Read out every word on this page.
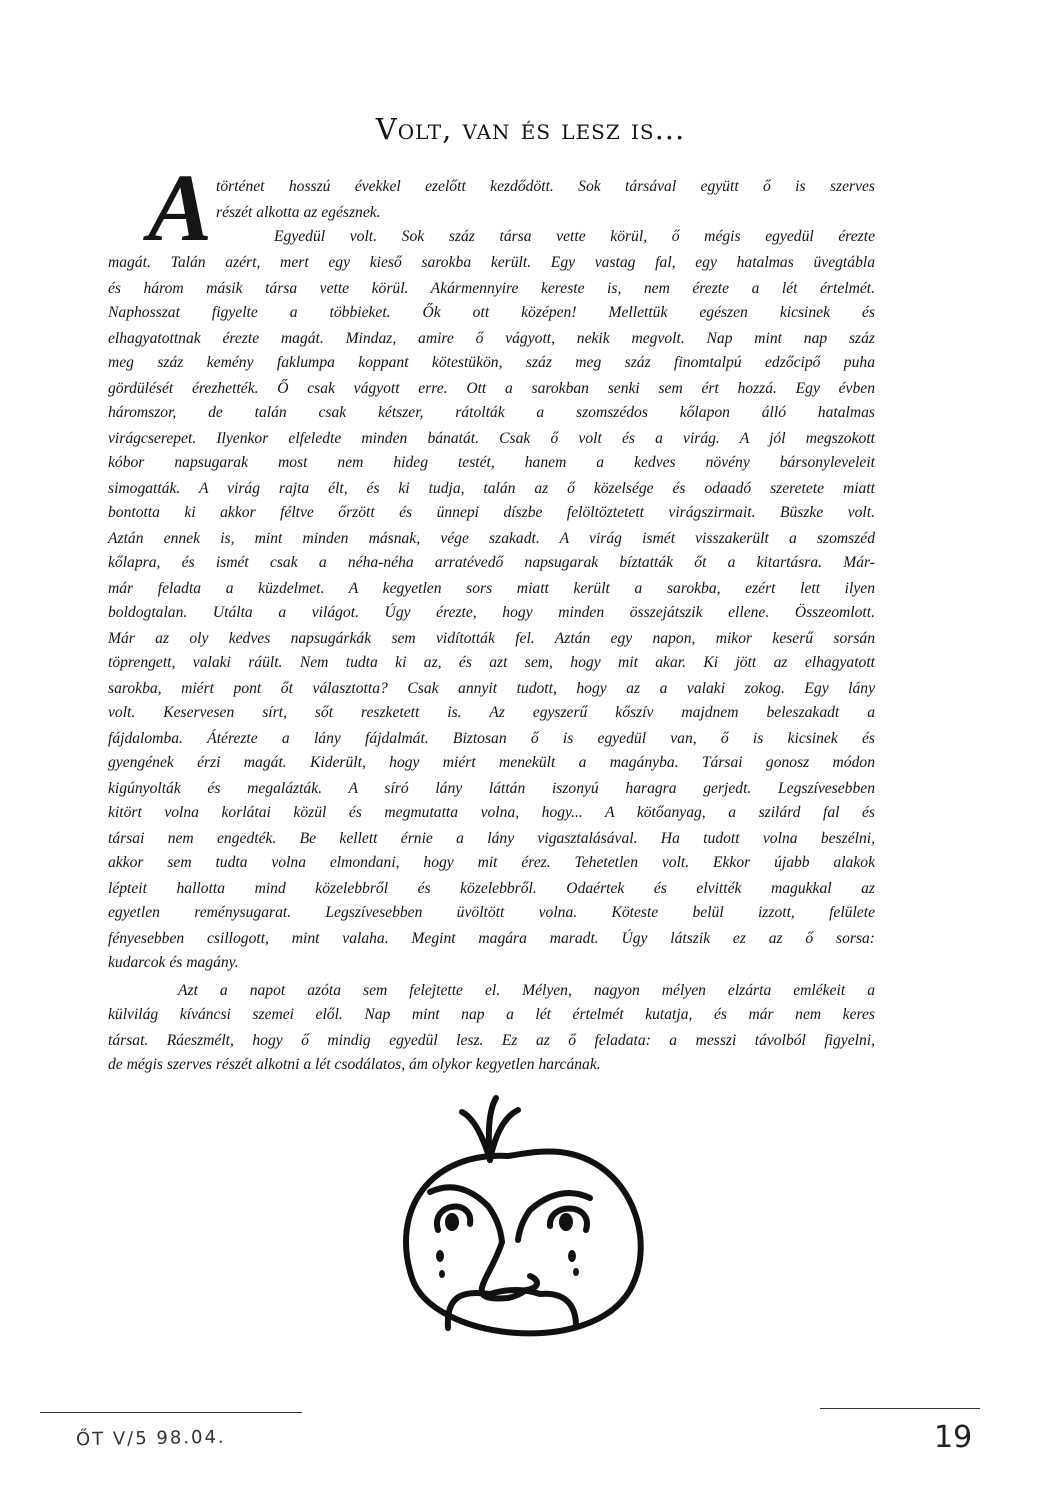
Volt, van és lesz is...
A történet hosszú évekkel ezelőtt kezdődött. Sok társával együtt ő is szerves
részét alkotta az egésznek.
Egyedül volt. Sok száz társa vette körül, ő mégis egyedül érezte
magát. Talán azért, mert egy kieső sarokba került. Egy vastag fal, egy hatalmas üvegtábla
és három másik társa vette körül. Akármennyire kereste is, nem érezte a lét értelmét.
Naphosszat figyelte a többieket. Ők ott középen! Mellettük egészen kicsinek és
elhagyatottnak érezte magát. Mindaz, amire ő vágyott, nekik megvolt. Nap mint nap száz
meg száz kemény faklumpa koppant kötestükön, száz meg száz finomtalpú edzőcipő puha
gördülését érezhették. Ő csak vágyott erre. Ott a sarokban senki sem ért hozzá. Egy évben
háromszor, de talán csak kétszer, rátolták a szomszédos kőlapon álló hatalmas
virágcserepet. Ilyenkor elfeledte minden bánatát. Csak ő volt és a virág. A jól megszokott
kóbor napsugarak most nem hideg testét, hanem a kedves növény bársonyleveleit
simogatták. A virág rajta élt, és ki tudja, talán az ő közelsége és odaadó szeretete miatt
bontotta ki akkor féltve őrzött és ünnepi díszbe felöltöztetett virágszirmait. Büszke volt.
Aztán ennek is, mint minden másnak, vége szakadt. A virág ismét visszakerült a szomszéd
kőlapra, és ismét csak a néha-néha arratévedő napsugarak bíztatták őt a kitartásra. Már-
már feladta a küzdelmet. A kegyetlen sors miatt került a sarokba, ezért lett ilyen
boldogtalan. Utálta a világot. Úgy érezte, hogy minden összejátszik ellene. Összeomlott.
Már az oly kedves napsugárkák sem vidították fel. Aztán egy napon, mikor keserű sorsán
töprengett, valaki ráült. Nem tudta ki az, és azt sem, hogy mit akar. Ki jött az elhagyatott
sarokba, miért pont őt választotta? Csak annyit tudott, hogy az a valaki zokog. Egy lány
volt. Keservesen sírt, sőt reszketett is. Az egyszerű kőszív majdnem beleszakadt a
fájdalomba. Átérezte a lány fájdalmát. Biztosan ő is egyedül van, ő is kicsinek és
gyengének érzi magát. Kiderült, hogy miért menekült a magányba. Társai gonosz módon
kigúnyolták és megalázták. A síró lány láttán iszonyú haragra gerjedt. Legszívesebben
kitört volna korlátai közül és megmutatta volna, hogy... A kötőanyag, a szilárd fal és
társai nem engedték. Be kellett érnie a lány vigasztalásával. Ha tudott volna beszélni,
akkor sem tudta volna elmondani, hogy mit érez. Tehetetlen volt. Ekkor újabb alakok
lépteit hallotta mind közelebbről és közelebbről. Odaértek és elvitték magukkal az
egyetlen reménysugarat. Legszívesebben üvöltött volna. Köteste belül izzott, felülete
fényesebben csillogott, mint valaha. Megint magára maradt. Úgy látszik ez az ő sorsa:
kudarcok és magány.
Azt a napot azóta sem felejtette el. Mélyen, nagyon mélyen elzárta emlékeit a
külvilág kíváncsi szemei elől. Nap mint nap a lét értelmét kutatja, és már nem keres
társat. Ráeszmélt, hogy ő mindig egyedül lesz. Ez az ő feladata: a messzi távolból figyelni,
de mégis szerves részét alkotni a lét csodálatos, ám olykor kegyetlen harcának.
ŐT V/5 98.04.	19
